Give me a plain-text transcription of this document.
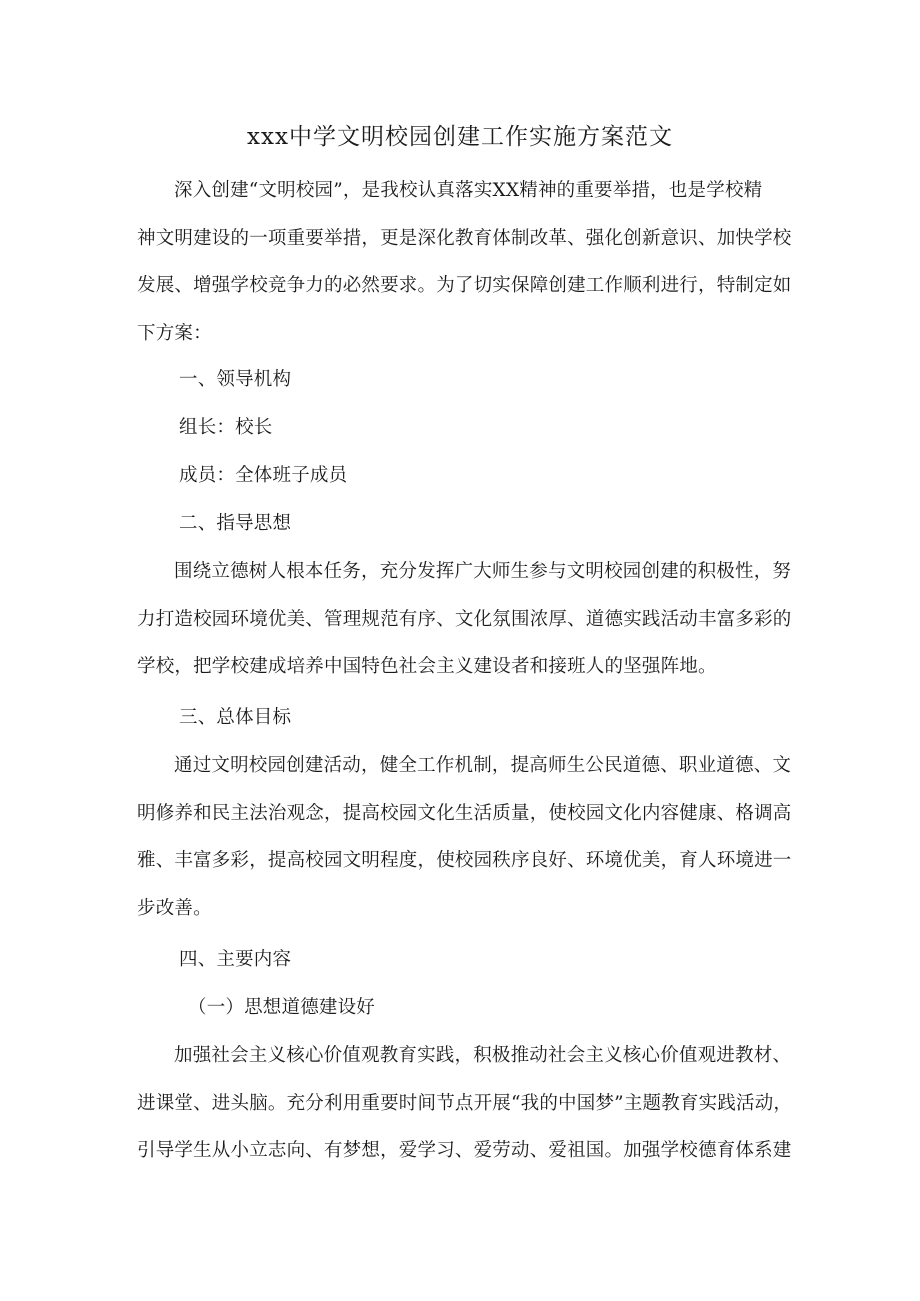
xxx中学文明校园创建工作实施方案范文

深入创建“文明校园”，是我校认真落实XX精神的重要举措，也是学校精
神文明建设的一项重要举措，更是深化教育体制改革、强化创新意识、加快学校
发展、增强学校竞争力的必然要求。为了切实保障创建工作顺利进行，特制定如
下方案：

一、领导机构

组长：校长

成员：全体班子成员

二、指导思想

围绕立德树人根本任务，充分发挥广大师生参与文明校园创建的积极性，努
力打造校园环境优美、管理规范有序、文化氛围浓厚、道德实践活动丰富多彩的
学校，把学校建成培养中国特色社会主义建设者和接班人的坚强阵地。

三、总体目标

通过文明校园创建活动，健全工作机制，提高师生公民道德、职业道德、文
明修养和民主法治观念，提高校园文化生活质量，使校园文化内容健康、格调高
雅、丰富多彩，提高校园文明程度，使校园秩序良好、环境优美，育人环境进一
步改善。

四、主要内容

（一）思想道德建设好

加强社会主义核心价值观教育实践，积极推动社会主义核心价值观进教材、
进课堂、进头脑。充分利用重要时间节点开展“我的中国梦”主题教育实践活动，
引导学生从小立志向、有梦想，爱学习、爱劳动、爱祖国。加强学校德育体系建
